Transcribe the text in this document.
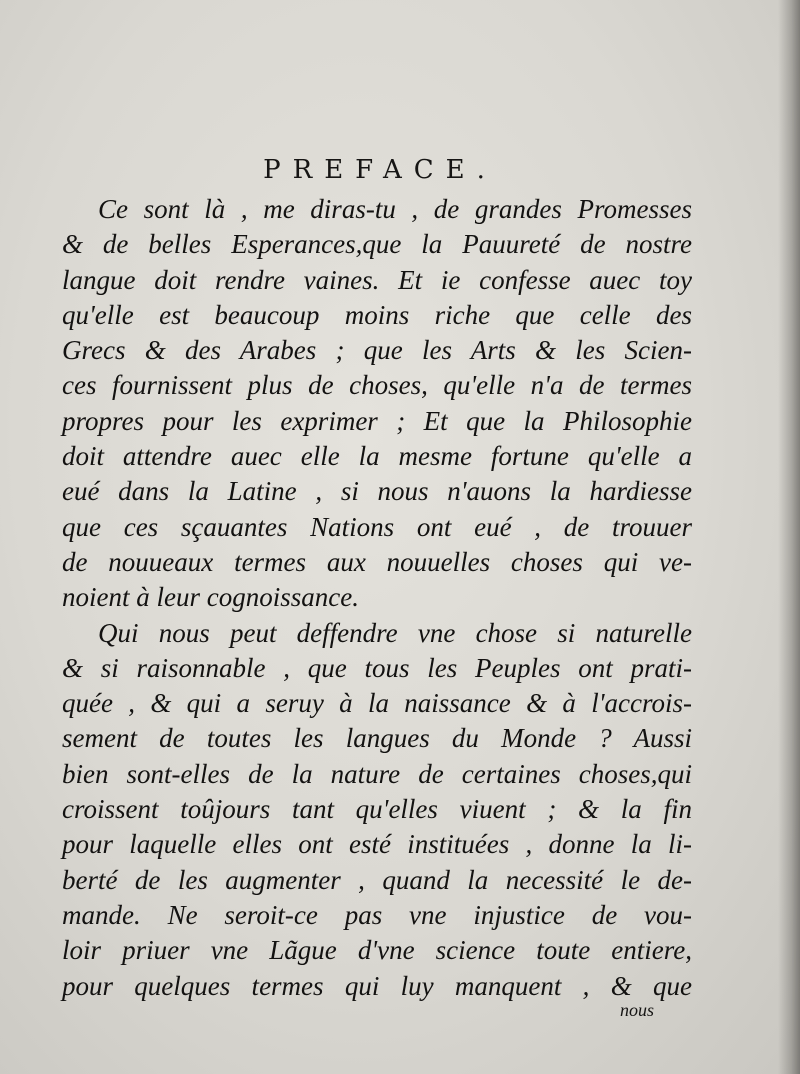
PREFACE.
Ce sont là , me diras-tu , de grandes Promesses
& de belles Esperances,que la Pauureté de nostre
langue doit rendre vaines. Et ie confesse auec toy
qu'elle est beaucoup moins riche que celle des
Grecs & des Arabes ; que les Arts & les Scien-
ces fournissent plus de choses, qu'elle n'a de termes
propres pour les exprimer ; Et que la Philosophie
doit attendre auec elle la mesme fortune qu'elle a
eué dans la Latine , si nous n'auons la hardiesse
que ces sçauantes Nations ont eué , de trouuer
de nouueaux termes aux nouuelles choses qui ve-
noient à leur cognoissance.
Qui nous peut deffendre vne chose si naturelle
& si raisonnable , que tous les Peuples ont prati-
quée , & qui a seruy à la naissance & à l'accrois-
sement de toutes les langues du Monde ? Aussi
bien sont-elles de la nature de certaines choses,qui
croissent toûjours tant qu'elles viuent ; & la fin
pour laquelle elles ont esté instituées , donne la li-
berté de les augmenter , quand la necessité le de-
mande. Ne seroit-ce pas vne injustice de vou-
loir priuer vne Lãgue d'vne science toute entiere,
pour quelques termes qui luy manquent , & que
nous
